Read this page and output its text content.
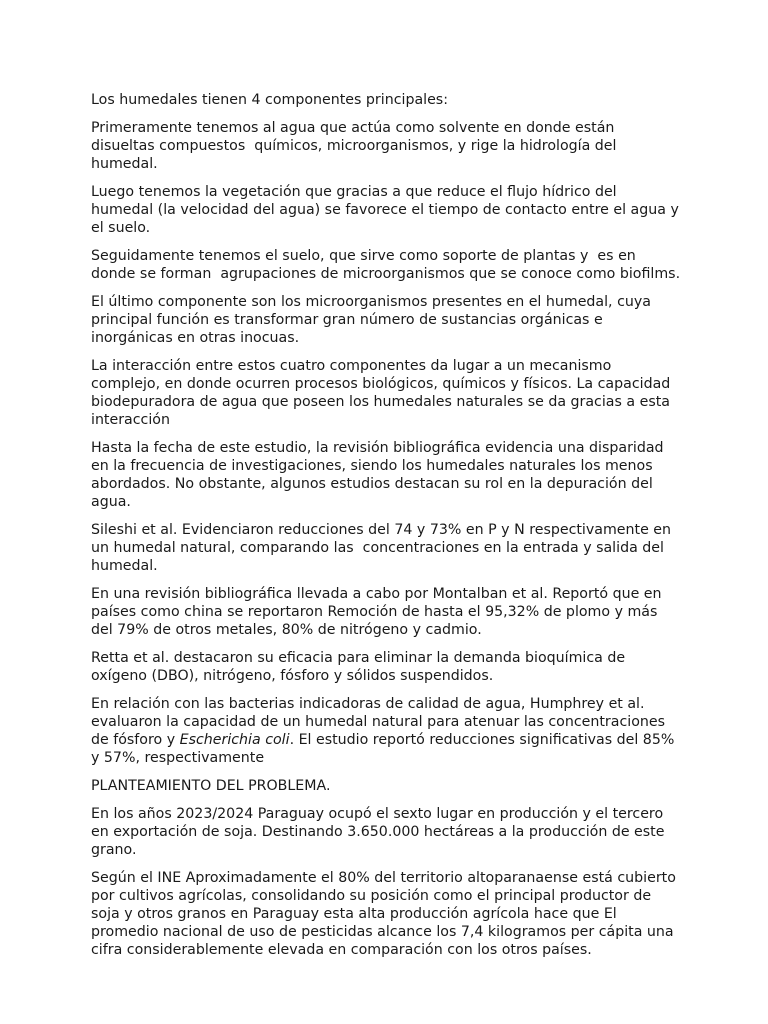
Los humedales tienen 4 componentes principales:

Primeramente tenemos al agua que actúa como solvente en donde están disueltas compuestos  químicos, microorganismos, y rige la hidrología del humedal.

Luego tenemos la vegetación que gracias a que reduce el flujo hídrico del humedal (la velocidad del agua) se favorece el tiempo de contacto entre el agua y el suelo.

Seguidamente tenemos el suelo, que sirve como soporte de plantas y  es en donde se forman  agrupaciones de microorganismos que se conoce como biofilms.

El último componente son los microorganismos presentes en el humedal, cuya principal función es transformar gran número de sustancias orgánicas e inorgánicas en otras inocuas.

La interacción entre estos cuatro componentes da lugar a un mecanismo complejo, en donde ocurren procesos biológicos, químicos y físicos. La capacidad biodepuradora de agua que poseen los humedales naturales se da gracias a esta interacción

Hasta la fecha de este estudio, la revisión bibliográfica evidencia una disparidad en la frecuencia de investigaciones, siendo los humedales naturales los menos abordados. No obstante, algunos estudios destacan su rol en la depuración del agua.

Sileshi et al. Evidenciaron reducciones del 74 y 73% en P y N respectivamente en un humedal natural, comparando las  concentraciones en la entrada y salida del humedal.

En una revisión bibliográfica llevada a cabo por Montalban et al. Reportó que en países como china se reportaron Remoción de hasta el 95,32% de plomo y más del 79% de otros metales, 80% de nitrógeno y cadmio.

Retta et al. destacaron su eficacia para eliminar la demanda bioquímica de oxígeno (DBO), nitrógeno, fósforo y sólidos suspendidos.

En relación con las bacterias indicadoras de calidad de agua, Humphrey et al. evaluaron la capacidad de un humedal natural para atenuar las concentraciones de fósforo y Escherichia coli. El estudio reportó reducciones significativas del 85% y 57%, respectivamente

PLANTEAMIENTO DEL PROBLEMA.

En los años 2023/2024 Paraguay ocupó el sexto lugar en producción y el tercero en exportación de soja. Destinando 3.650.000 hectáreas a la producción de este grano.

Según el INE Aproximadamente el 80% del territorio altoparanaense está cubierto por cultivos agrícolas, consolidando su posición como el principal productor de soja y otros granos en Paraguay esta alta producción agrícola hace que El promedio nacional de uso de pesticidas alcance los 7,4 kilogramos per cápita una cifra considerablemente elevada en comparación con los otros países.
